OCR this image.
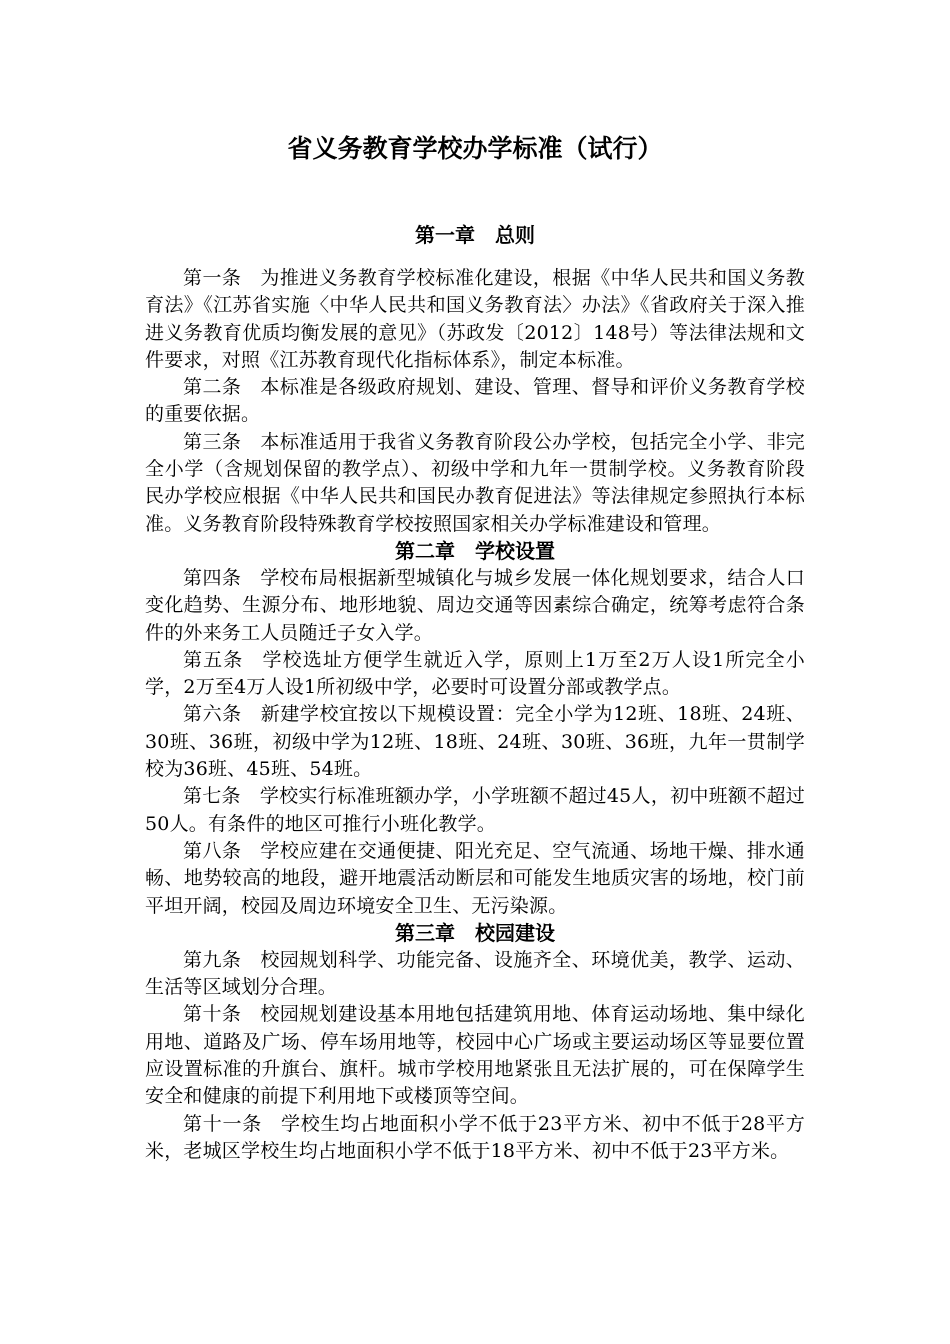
省义务教育学校办学标准（试行）
第一章　总则

第一条 为推进义务教育学校标准化建设，根据《中华人民共和国义务教育法》《江苏省实施〈中华人民共和国义务教育法〉办法》《省政府关于深入推进义务教育优质均衡发展的意见》（苏政发〔2012〕148号）等法律法规和文件要求，对照《江苏教育现代化指标体系》，制定本标准。

第二条 本标准是各级政府规划、建设、管理、督导和评价义务教育学校的重要依据。

第三条 本标准适用于我省义务教育阶段公办学校，包括完全小学、非完全小学（含规划保留的教学点）、初级中学和九年一贯制学校。义务教育阶段民办学校应根据《中华人民共和国民办教育促进法》等法律规定参照执行本标准。义务教育阶段特殊教育学校按照国家相关办学标准建设和管理。

第二章　学校设置

第四条 学校布局根据新型城镇化与城乡发展一体化规划要求，结合人口变化趋势、生源分布、地形地貌、周边交通等因素综合确定，统筹考虑符合条件的外来务工人员随迁子女入学。

第五条 学校选址方便学生就近入学，原则上1万至2万人设1所完全小学，2万至4万人设1所初级中学，必要时可设置分部或教学点。

第六条 新建学校宜按以下规模设置：完全小学为12班、18班、24班、30班、36班，初级中学为12班、18班、24班、30班、36班，九年一贯制学校为36班、45班、54班。

第七条 学校实行标准班额办学，小学班额不超过45人，初中班额不超过50人。有条件的地区可推行小班化教学。

第八条 学校应建在交通便捷、阳光充足、空气流通、场地干燥、排水通畅、地势较高的地段，避开地震活动断层和可能发生地质灾害的场地，校门前平坦开阔，校园及周边环境安全卫生、无污染源。

第三章　校园建设

第九条 校园规划科学、功能完备、设施齐全、环境优美，教学、运动、生活等区域划分合理。

第十条 校园规划建设基本用地包括建筑用地、体育运动场地、集中绿化用地、道路及广场、停车场用地等，校园中心广场或主要运动场区等显要位置应设置标准的升旗台、旗杆。城市学校用地紧张且无法扩展的，可在保障学生安全和健康的前提下利用地下或楼顶等空间。

第十一条 学校生均占地面积小学不低于23平方米、初中不低于28平方米，老城区学校生均占地面积小学不低于18平方米、初中不低于23平方米。
